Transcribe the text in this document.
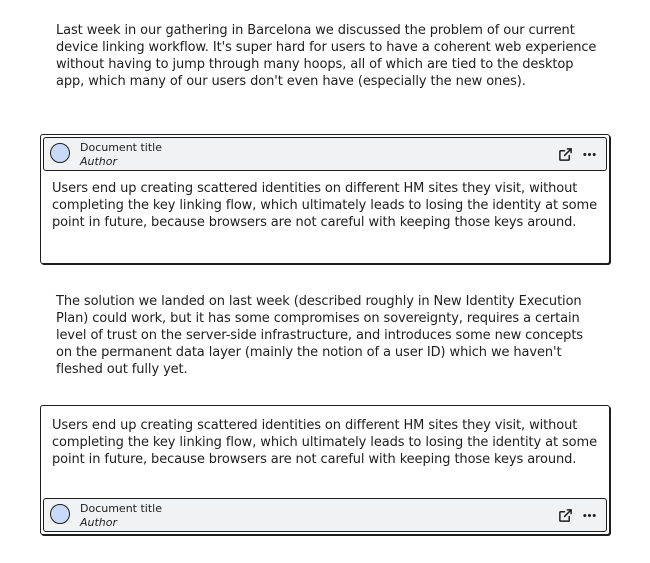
Last week in our gathering in Barcelona we discussed the problem of our current device linking workflow. It's super hard for users to have a coherent web experience without having to jump through many hoops, all of which are tied to the desktop app, which many of our users don't even have (especially the new ones).

Document title
Author

Users end up creating scattered identities on different HM sites they visit, without completing the key linking flow, which ultimately leads to losing the identity at some point in future, because browsers are not careful with keeping those keys around.

The solution we landed on last week (described roughly in New Identity Execution Plan) could work, but it has some compromises on sovereignty, requires a certain level of trust on the server-side infrastructure, and introduces some new concepts on the permanent data layer (mainly the notion of a user ID) which we haven't fleshed out fully yet.

Users end up creating scattered identities on different HM sites they visit, without completing the key linking flow, which ultimately leads to losing the identity at some point in future, because browsers are not careful with keeping those keys around.

Document title
Author
